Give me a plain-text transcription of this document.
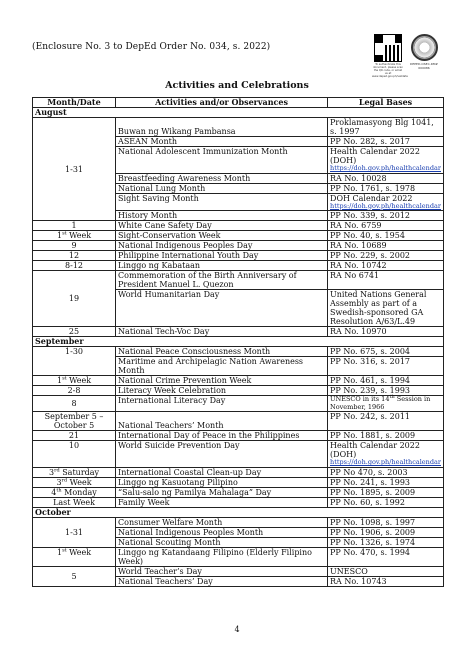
(Enclosure No. 3 to DepEd Order No. 034, s. 2022)
To authenticate this document, please scan the QR code, or email us at www.deped.gov.ph/validate
DEPED-OSEC-RM# 000086
Activities and Celebrations
Month/Date	Activities and/or Observances	Legal Bases
August		
1-31	Buwan ng Wikang Pambansa	Proklamasyong Blg 1041, s. 1997
	ASEAN Month	PP No. 282, s. 2017
	National Adolescent Immunization Month	Health Calendar 2022 (DOH)
https://doh.gov.ph/healthcalendar

	Breastfeeding Awareness Month	RA No. 10028
	National Lung Month	PP No. 1761, s. 1978
	Sight Saving Month	DOH Calendar 2022
https://doh.gov.ph/healthcalendar

	History Month	PP No. 339, s. 2012
1	White Cane Safety Day	RA No. 6759
1st Week	Sight-Conservation Week	PP No. 40, s. 1954
9	National Indigenous Peoples Day	RA No. 10689
12	Philippine International Youth Day	PP No. 229, s. 2002
8-12	Linggo ng Kabataan	RA No. 10742
19	Commemoration of the Birth Anniversary of President Manuel L. Quezon	RA No 6741
	World Humanitarian Day	United Nations General Assembly as part of a Swedish-sponsored GA Resolution A/63/L.49
25	National Tech-Voc Day	RA No. 10970
September		
1-30	National Peace Consciousness Month	PP No. 675, s. 2004
	Maritime and Archipelagic Nation Awareness Month	PP No. 316, s. 2017
1st Week	National Crime Prevention Week	PP No. 461, s. 1994
2-8	Literacy Week Celebration	PP No. 239, s. 1993
8	International Literacy Day	UNESCO in its 14th Session in November, 1966
September 5 –October 5	National Teachers’ Month	PP No. 242, s. 2011
21	International Day of Peace in the Philippines	PP No. 1881, s. 2009
10	World Suicide Prevention Day	Health Calendar 2022 (DOH)
https://doh.gov.ph/healthcalendar

3rd Saturday	International Coastal Clean-up Day	PP No 470, s. 2003
3rd Week	Linggo ng Kasuotang Pilipino	PP No. 241, s. 1993
4th Monday	“Salu-salo ng Pamilya Mahalaga” Day	PP No. 1895, s. 2009
Last Week	Family Week	PP No. 60, s. 1992
October		
1-31	Consumer Welfare Month	PP No. 1098, s. 1997
	National Indigenous Peoples Month	PP No. 1906, s. 2009
	National Scouting Month	PP No. 1326, s. 1974
1st Week	Linggo ng Katandaang Filipino (Elderly Filipino Week)	PP No. 470, s. 1994
5	World Teacher’s Day	UNESCO
	National Teachers’ Day	RA No. 10743
4
